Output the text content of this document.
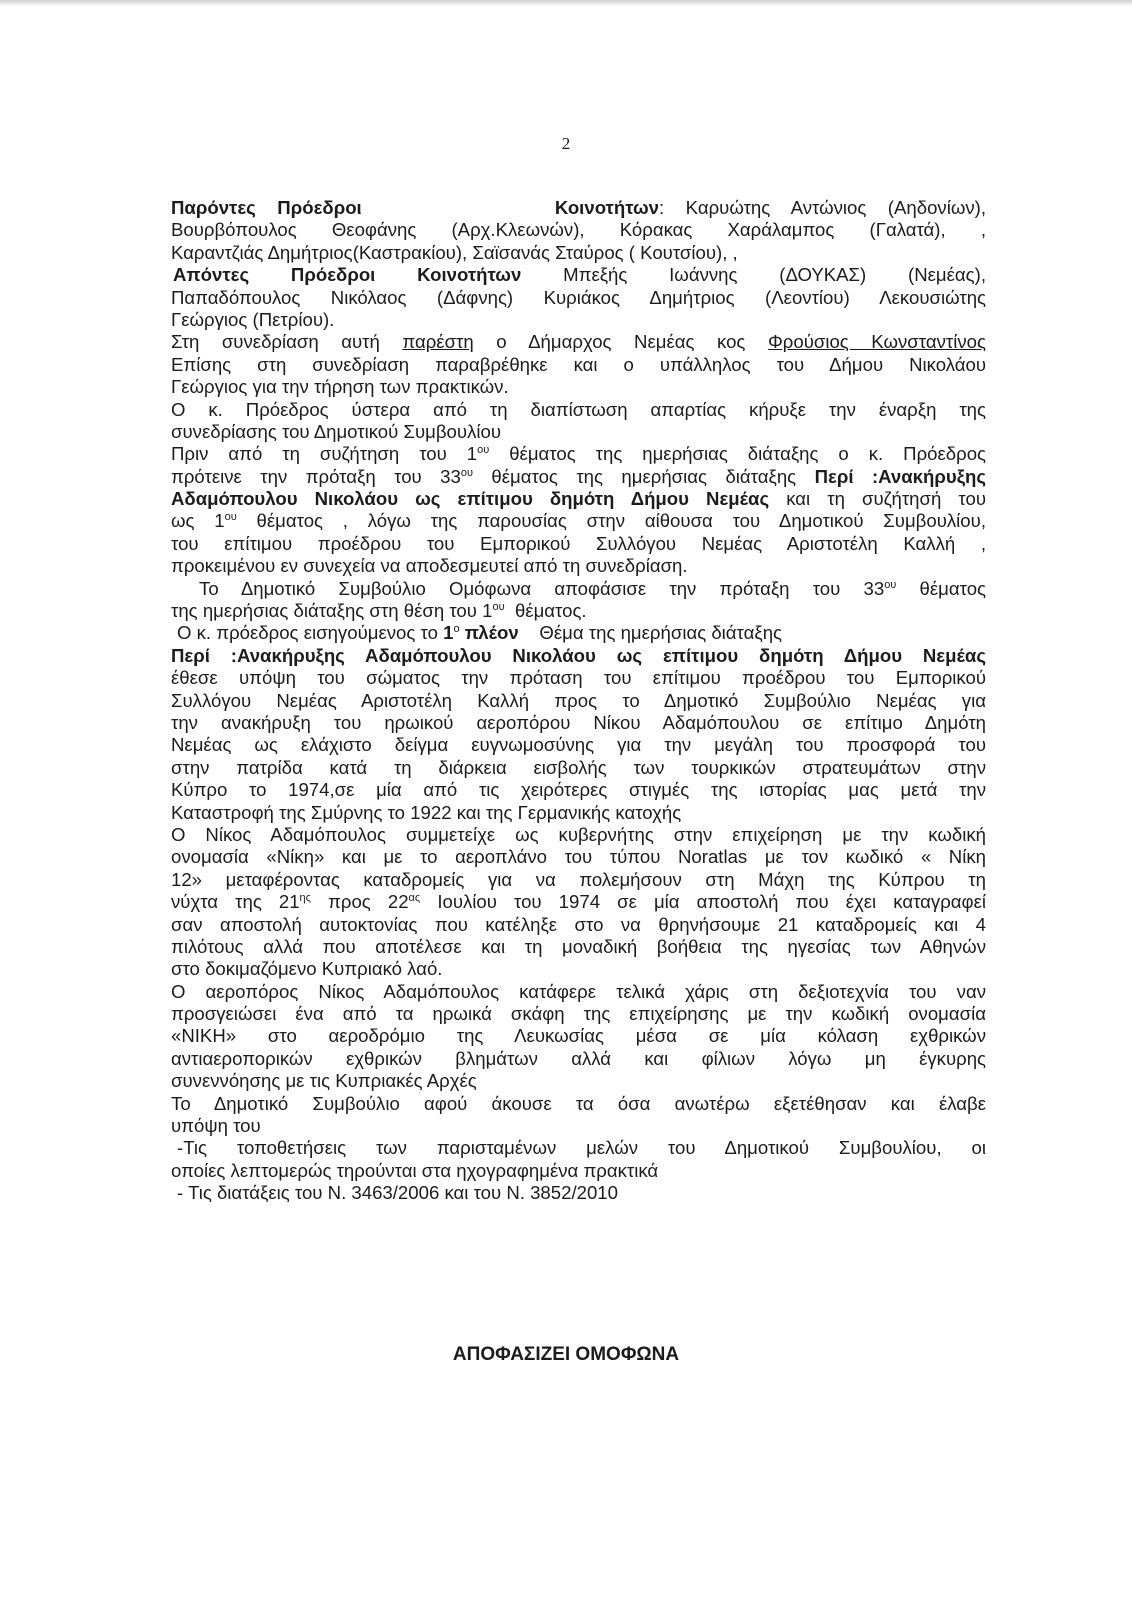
2
Παρόντες Πρόεδροι	Κοινοτήτων: Καρυώτης Αντώνιος (Αηδονίων),
Βουρβόπουλος Θεοφάνης (Αρχ.Κλεωνών), Κόρακας Χαράλαμπος (Γαλατά), ,
Καραντζιάς Δημήτριος(Καστρακίου), Σαϊσανάς Σταύρος ( Κουτσίου), ,
Απόντες Πρόεδροι Κοινοτήτων Μπεξής Ιωάννης (ΔΟΥΚΑΣ) (Νεμέας),
Παπαδόπουλος Νικόλαος (Δάφνης) Κυριάκος Δημήτριος (Λεοντίου) Λεκουσιώτης
Γεώργιος (Πετρίου).
Στη συνεδρίαση αυτή παρέστη ο Δήμαρχος Νεμέας κος Φρούσιος Κωνσταντίνος
Επίσης στη συνεδρίαση παραβρέθηκε και ο υπάλληλος του Δήμου Νικολάου
Γεώργιος για την τήρηση των πρακτικών.
Ο κ. Πρόεδρος ύστερα από τη διαπίστωση απαρτίας κήρυξε την έναρξη της
συνεδρίασης του Δημοτικού Συμβουλίου
Πριν από τη συζήτηση του $1^{o\upsilon}$ θέματος της ημερήσιας διάταξης ο κ. Πρόεδρος
πρότεινε την πρόταξη του $33^{o\upsilon}$ θέματος της ημερήσιας διάταξης Περί :Ανακήρυξης
Αδαμόπουλου Νικολάου ως επίτιμου δημότη Δήμου Νεμέας και τη συζήτησή του
ως $1^{o\upsilon}$ θέματος , λόγω της παρουσίας στην αίθουσα του Δημοτικού Συμβουλίου,
του επίτιμου προέδρου του Εμπορικού Συλλόγου Νεμέας Αριστοτέλη Καλλή ,
προκειμένου εν συνεχεία να αποδεσμευτεί από τη συνεδρίαση.
Το Δημοτικό Συμβούλιο Ομόφωνα αποφάσισε την πρόταξη του $33^{o\upsilon}$ θέματος
της ημερήσιας διάταξης στη θέση του $1^{o\upsilon}$ θέματος.
Ο κ. πρόεδρος εισηγούμενος το $1^o$ πλέον Θέμα της ημερήσιας διάταξης
Περί :Ανακήρυξης Αδαμόπουλου Νικολάου ως επίτιμου δημότη Δήμου Νεμέας
έθεσε υπόψη του σώματος την πρόταση του επίτιμου προέδρου του Εμπορικού
Συλλόγου Νεμέας Αριστοτέλη Καλλή προς το Δημοτικό Συμβούλιο Νεμέας για
την ανακήρυξη του ηρωικού αεροπόρου Νίκου Αδαμόπουλου σε επίτιμο Δημότη
Νεμέας ως ελάχιστο δείγμα ευγνωμοσύνης για την μεγάλη του προσφορά του
στην πατρίδα κατά τη διάρκεια εισβολής των τουρκικών στρατευμάτων στην
Κύπρο το 1974,σε μία από τις χειρότερες στιγμές της ιστορίας μας μετά την
Καταστροφή της Σμύρνης το 1922 και της Γερμανικής κατοχής
Ο Νίκος Αδαμόπουλος συμμετείχε ως κυβερνήτης στην επιχείρηση με την κωδική
ονομασία «Νίκη» και με το αεροπλάνο του τύπου Noratlas με τον κωδικό « Νίκη
12» μεταφέροντας καταδρομείς για να πολεμήσουν στη Μάχη της Κύπρου τη
νύχτα της $21^{\eta\varsigma}$ προς $22^{\alpha\varsigma}$ Ιουλίου του 1974 σε μία αποστολή που έχει καταγραφεί
σαν αποστολή αυτοκτονίας που κατέληξε στο να θρηνήσουμε 21 καταδρομείς και 4
πιλότους αλλά που αποτέλεσε και τη μοναδική βοήθεια της ηγεσίας των Αθηνών
στο δοκιμαζόμενο Κυπριακό λαό.
Ο αεροπόρος Νίκος Αδαμόπουλος κατάφερε τελικά χάρις στη δεξιοτεχνία του ναν
προσγειώσει ένα από τα ηρωικά σκάφη της επιχείρησης με την κωδική ονομασία
«ΝΙΚΗ» στο αεροδρόμιο της Λευκωσίας μέσα σε μία κόλαση εχθρικών
αντιαεροπορικών εχθρικών βλημάτων αλλά και φίλιων λόγω μη έγκυρης
συνεννόησης με τις Κυπριακές Αρχές
Το Δημοτικό Συμβούλιο αφού άκουσε τα όσα ανωτέρω εξετέθησαν και έλαβε
υπόψη του
-Τις τοποθετήσεις των παρισταμένων μελών του Δημοτικού Συμβουλίου, οι
οποίες λεπτομερώς τηρούνται στα ηχογραφημένα πρακτικά
- Τις διατάξεις του Ν. 3463/2006 και του Ν. 3852/2010
ΑΠΟΦΑΣΙΖΕΙ ΟΜΟΦΩΝΑ
